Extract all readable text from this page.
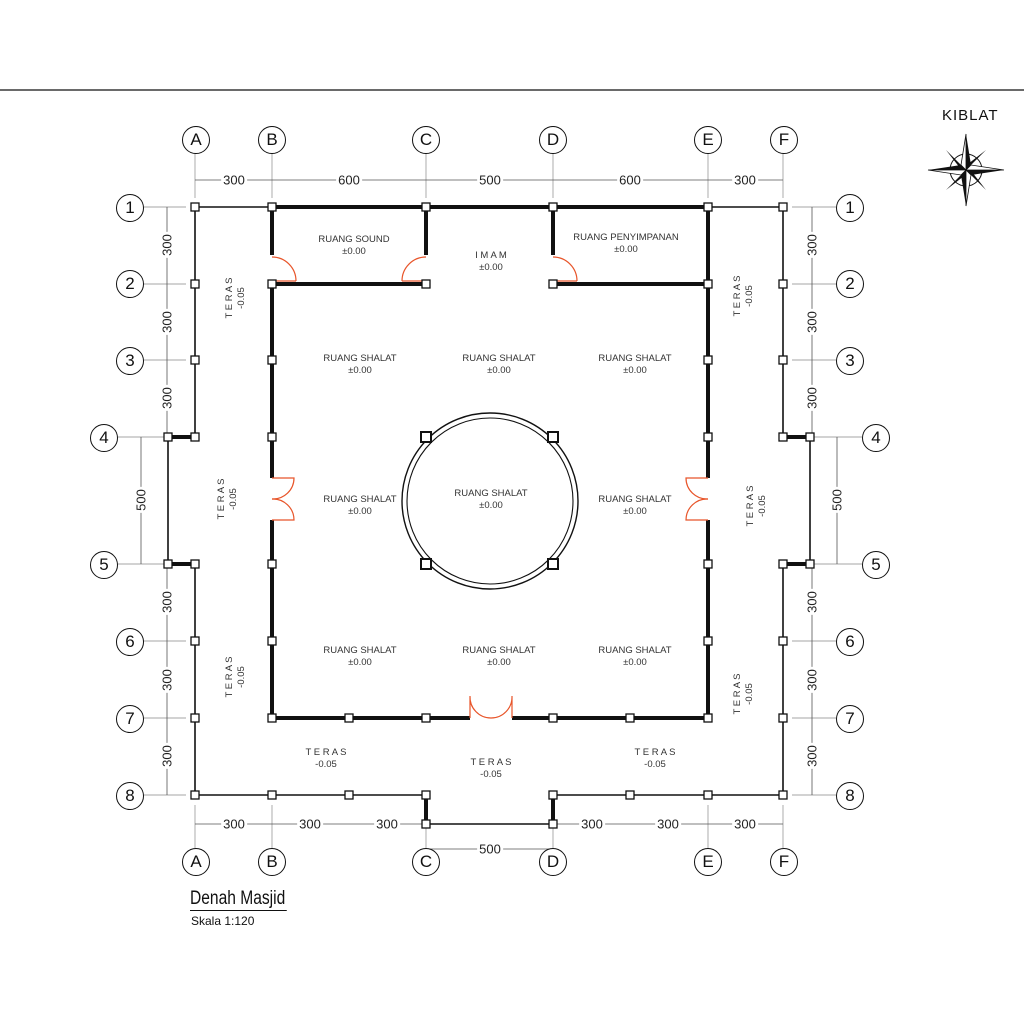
A	B	C	D	E	F
A	B	C	D	E	F
1
2
3
4
5
6
7
8
1
2
3
4
5
6
7
8
300	600	500	600	300
300	300	300	300	300	300
500
300
300
300
500
300
300
300
300
300
300
500
300
300
300
RUANG SOUND
±0.00	I M A M
±0.00
RUANG PENYIMPANAN
±0.00
RUANG SHALAT
±0.00
RUANG SHALAT
±0.00
RUANG SHALAT
±0.00
RUANG SHALAT
±0.00
RUANG SHALAT
±0.00
RUANG SHALAT
±0.00
RUANG SHALAT
±0.00
RUANG SHALAT
±0.00
RUANG SHALAT
±0.00
T E R A S
-0.05	T E R A S
-0.05
T E R A S
-0.05
T E R A S
-0.05
T E R A S
-0.05
T E R A S
-0.05
T E R A S
-0.05
T E R A S
-0.05
T E R A S
-0.05
KIBLAT
Denah Masjid
Skala 1:120
